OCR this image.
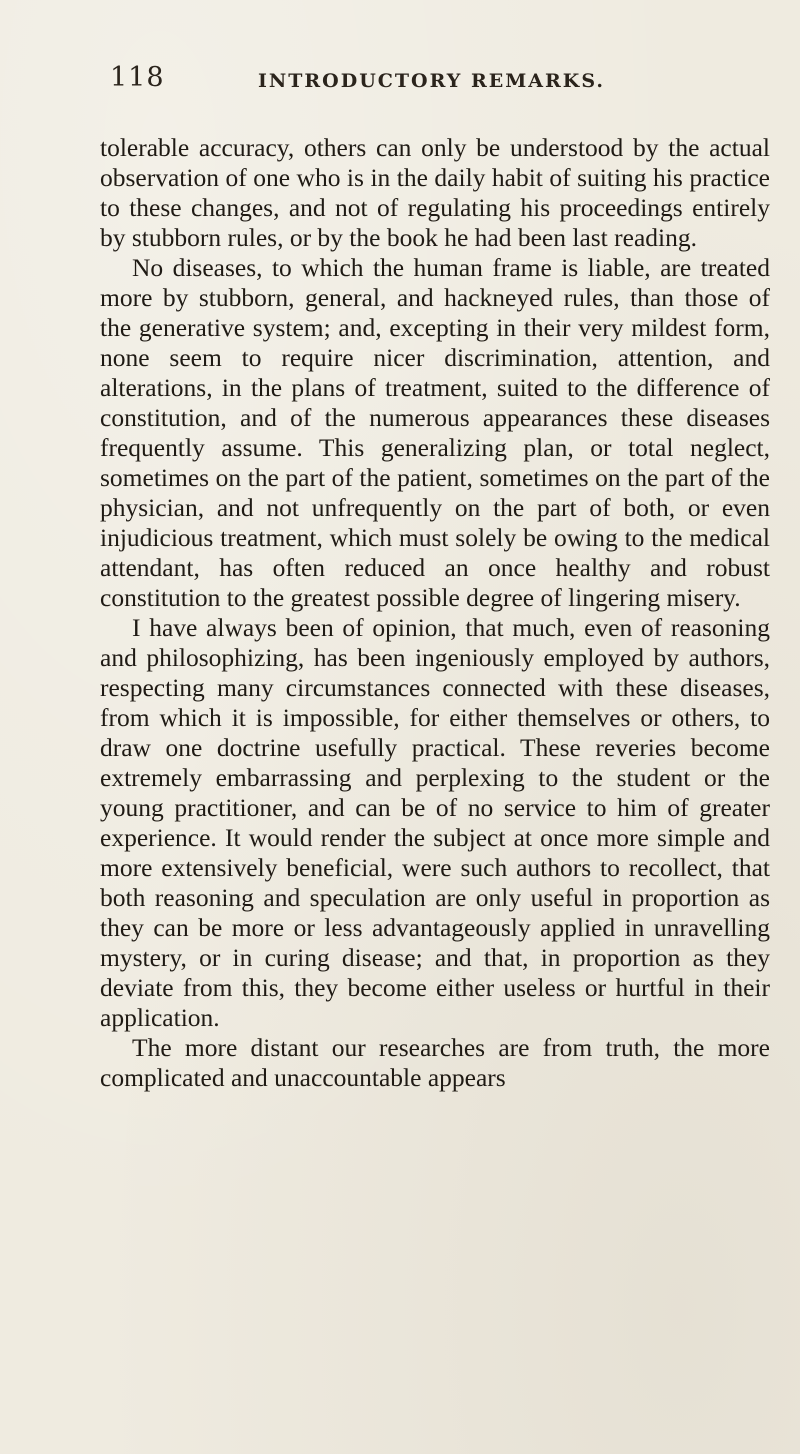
118	INTRODUCTORY REMARKS.

tolerable accuracy, others can only be understood by the actual observation of one who is in the daily habit of suiting his practice to these changes, and not of regulating his proceedings entirely by stubborn rules, or by the book he had been last reading.

No diseases, to which the human frame is liable, are treated more by stubborn, general, and hackneyed rules, than those of the generative system; and, excepting in their very mildest form, none seem to require nicer discrimination, attention, and alterations, in the plans of treatment, suited to the difference of constitution, and of the numerous appearances these diseases frequently assume. This generalizing plan, or total neglect, sometimes on the part of the patient, sometimes on the part of the physician, and not unfrequently on the part of both, or even injudicious treatment, which must solely be owing to the medical attendant, has often reduced an once healthy and robust constitution to the greatest possible degree of lingering misery.

I have always been of opinion, that much, even of reasoning and philosophizing, has been ingeniously employed by authors, respecting many circumstances connected with these diseases, from which it is impossible, for either themselves or others, to draw one doctrine usefully practical. These reveries become extremely embarrassing and perplexing to the student or the young practitioner, and can be of no service to him of greater experience. It would render the subject at once more simple and more extensively beneficial, were such authors to recollect, that both reasoning and speculation are only useful in proportion as they can be more or less advantageously applied in unravelling mystery, or in curing disease; and that, in proportion as they deviate from this, they become either useless or hurtful in their application.

The more distant our researches are from truth, the more complicated and unaccountable appears
